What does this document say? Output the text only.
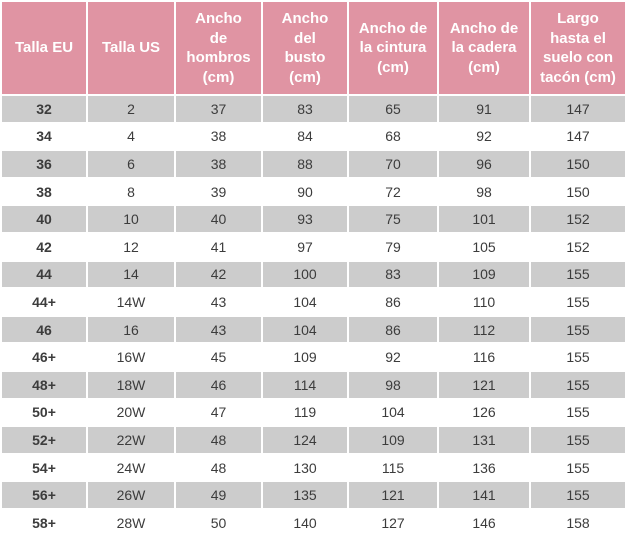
Talla EU	Talla US	Ancho de hombros (cm)	Ancho del busto (cm)	Ancho de la cintura (cm)	Ancho de la cadera (cm)	Largo hasta el suelo con tacón (cm)
32	2	37	83	65	91	147
34	4	38	84	68	92	147
36	6	38	88	70	96	150
38	8	39	90	72	98	150
40	10	40	93	75	101	152
42	12	41	97	79	105	152
44	14	42	100	83	109	155
44+	14W	43	104	86	110	155
46	16	43	104	86	112	155
46+	16W	45	109	92	116	155
48+	18W	46	114	98	121	155
50+	20W	47	119	104	126	155
52+	22W	48	124	109	131	155
54+	24W	48	130	115	136	155
56+	26W	49	135	121	141	155
58+	28W	50	140	127	146	158
